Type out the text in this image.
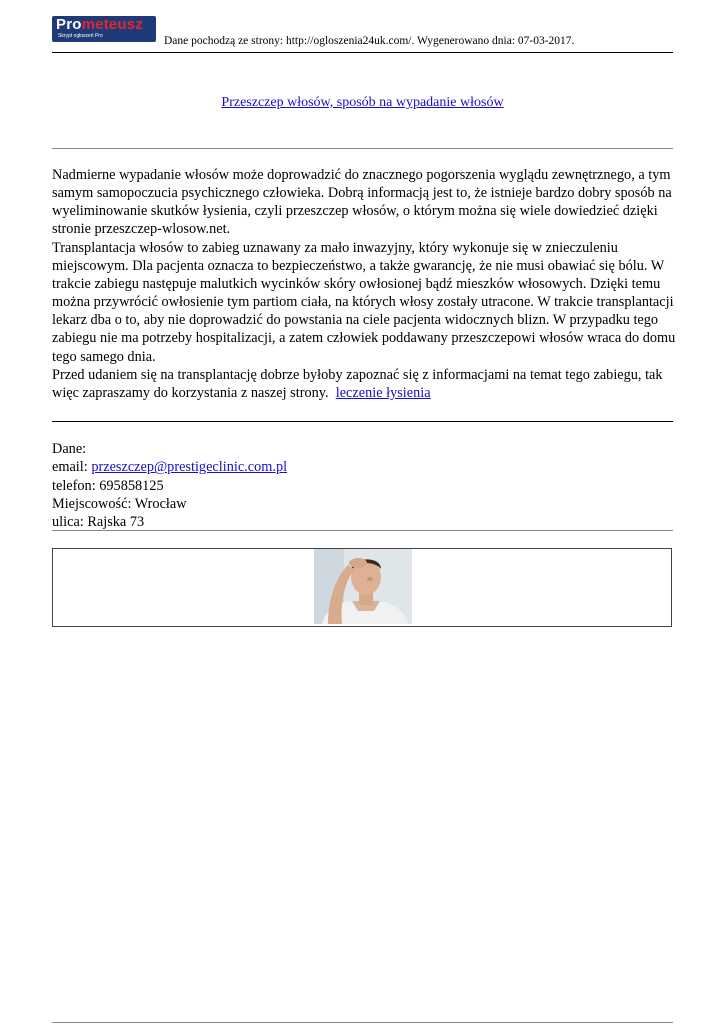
Prometeusz
Skrypt ogłoszeń Pro	Dane pochodzą ze strony: http://ogloszenia24uk.com/. Wygenerowano dnia: 07-03-2017.
Przeszczep włosów, sposób na wypadanie włosów

Nadmierne wypadanie włosów może doprowadzić do znacznego pogorszenia wyglądu zewnętrznego, a tym samym samopoczucia psychicznego człowieka. Dobrą informacją jest to, że istnieje bardzo dobry sposób na wyeliminowanie skutków łysienia, czyli przeszczep włosów, o którym można się wiele dowiedzieć dzięki stronie przeszczep-wlosow.net.

Transplantacja włosów to zabieg uznawany za mało inwazyjny, który wykonuje się w znieczuleniu miejscowym. Dla pacjenta oznacza to bezpieczeństwo, a także gwarancję, że nie musi obawiać się bólu. W trakcie zabiegu następuje malutkich wycinków skóry owłosionej bądź mieszków włosowych. Dzięki temu można przywrócić owłosienie tym partiom ciała, na których włosy zostały utracone. W trakcie transplantacji lekarz dba o to, aby nie doprowadzić do powstania na ciele pacjenta widocznych blizn. W przypadku tego zabiegu nie ma potrzeby hospitalizacji, a zatem człowiek poddawany przeszczepowi włosów wraca do domu tego samego dnia.

Przed udaniem się na transplantację dobrze byłoby zapoznać się z informacjami na temat tego zabiegu, tak więc zapraszamy do korzystania z naszej strony. leczenie łysienia

Dane:
email: przeszczep@prestigeclinic.com.pl
telefon: 695858125
Miejscowość: Wrocław
ulica: Rajska 73
